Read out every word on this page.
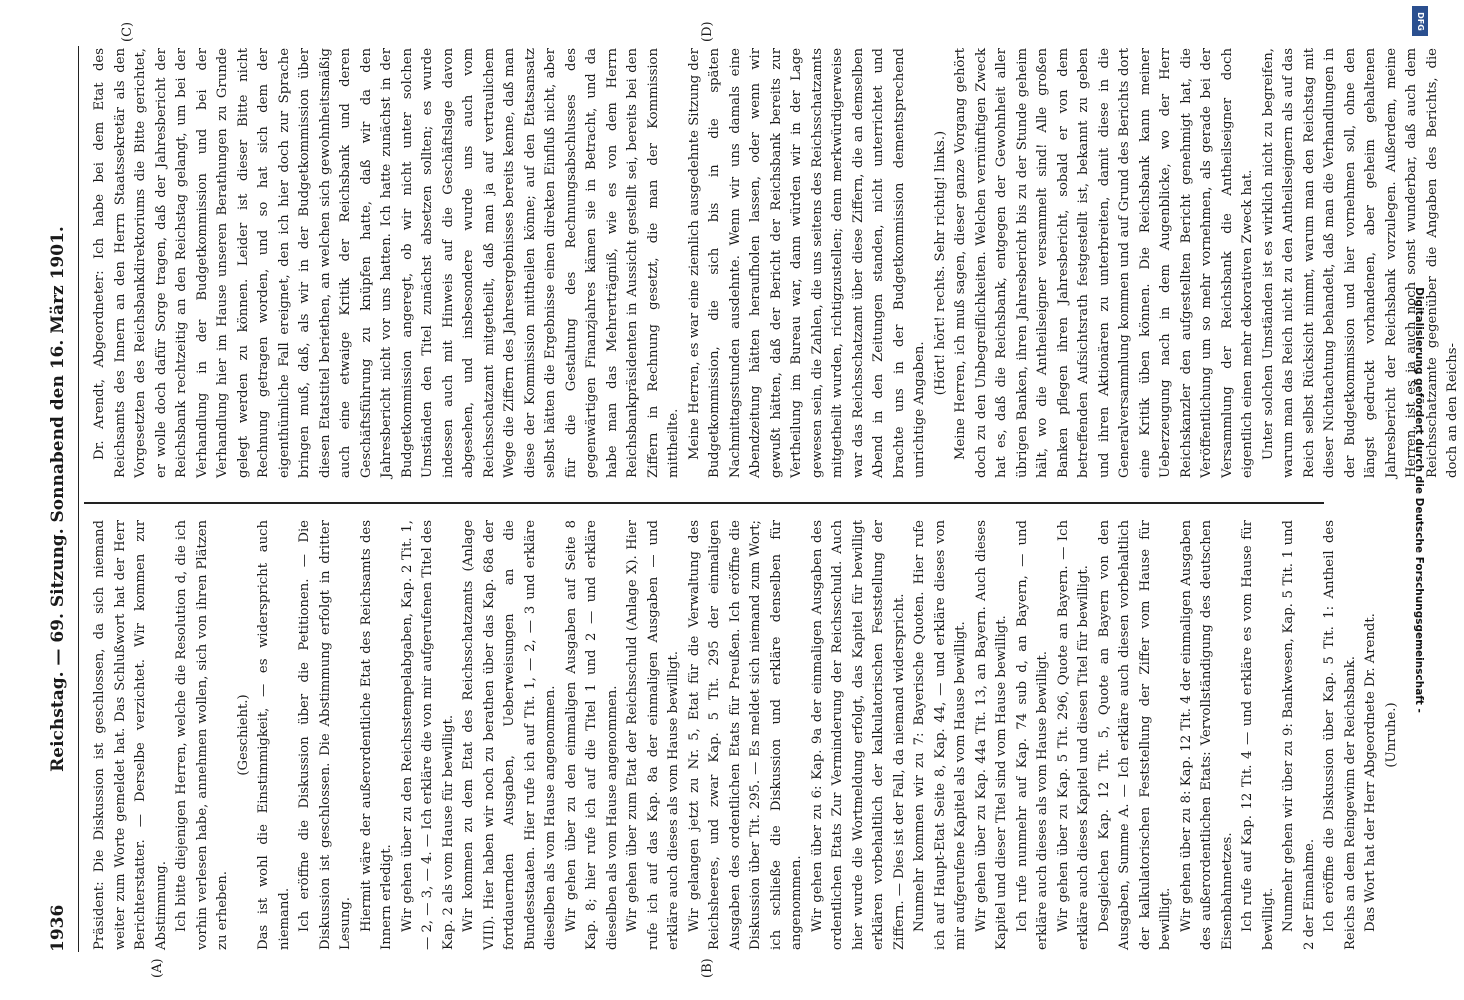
1936
Reichstag. — 69. Sitzung. Sonnabend den 16. März 1901.
(A)	(B)
(C)	(D)

Präsident: Die Diskussion ist geschlossen, da sich niemand weiter zum Worte gemeldet hat. Das Schlußwort hat der Herr Berichterstatter. — Derselbe verzichtet. Wir kommen zur Abstimmung. Ich bitte diejenigen Herren, welche die Resolution d, die ich vorhin verlesen habe, annehmen wollen, sich von ihren Plätzen zu erheben.

(Geschieht.) Das ist wohl die Einstimmigkeit, — es widerspricht auch niemand. Ich eröffne die Diskussion über die Petitionen. — Die Diskussion ist geschlossen. Die Abstimmung erfolgt in dritter Lesung. Hiermit wäre der außerordentliche Etat des Reichsamts des Innern erledigt. Wir gehen über zu den Reichsstempelabgaben, Kap. 2 Tit. 1, — 2, — 3, — 4. — Ich erkläre die von mir aufgerufenen Titel des Kap. 2 als vom Hause für bewilligt. Wir kommen zu dem Etat des Reichsschatzamts (Anlage VIII). Hier haben wir noch zu berathen über das Kap. 68a der fortdauernden Ausgaben, Ueberweisungen an die Bundesstaaten. Hier rufe ich auf Tit. 1, — 2, — 3 und erkläre dieselben als vom Hause angenommen. Wir gehen über zu den einmaligen Ausgaben auf Seite 8 Kap. 8; hier rufe ich auf die Titel 1 und 2 — und erkläre dieselben als vom Hause angenommen. Wir gehen über zum Etat der Reichsschuld (Anlage X). Hier rufe ich auf das Kap. 8a der einmaligen Ausgaben — und erkläre auch dieses als vom Hause bewilligt. Wir gelangen jetzt zu Nr. 5, Etat für die Verwaltung des Reichsheeres, und zwar Kap. 5 Tit. 295 der einmaligen Ausgaben des ordentlichen Etats für Preußen. Ich eröffne die Diskussion über Tit. 295. — Es meldet sich niemand zum Wort; ich schließe die Diskussion und erkläre denselben für angenommen. Wir gehen über zu 6: Kap. 9a der einmaligen Ausgaben des ordentlichen Etats Zur Verminderung der Reichsschuld. Auch hier wurde die Wortmeldung erfolgt, das Kapitel für bewilligt erklären vorbehaltlich der kalkulatorischen Feststellung der Ziffern. — Dies ist der Fall, da niemand widerspricht. Nunmehr kommen wir zu 7: Bayerische Quoten. Hier rufe ich auf Haupt-Etat Seite 8, Kap. 44, — und erkläre dieses von mir aufgerufene Kapitel als vom Hause bewilligt. Wir gehen über zu Kap. 44a Tit. 13, an Bayern. Auch dieses Kapitel und dieser Titel sind vom Hause bewilligt. Ich rufe nunmehr auf Kap. 74 sub d, an Bayern, — und erkläre auch dieses als vom Hause bewilligt. Wir gehen über zu Kap. 5 Tit. 296, Quote an Bayern. — Ich erkläre auch dieses Kapitel und diesen Titel für bewilligt. Desgleichen Kap. 12 Tit. 5, Quote an Bayern von den Ausgaben, Summe A. — Ich erkläre auch diesen vorbehaltlich der kalkulatorischen Feststellung der Ziffer vom Hause für bewilligt. Wir gehen über zu 8: Kap. 12 Tit. 4 der einmaligen Ausgaben des außerordentlichen Etats: Vervollständigung des deutschen Eisenbahnnetzes. Ich rufe auf Kap. 12 Tit. 4 — und erkläre es vom Hause für bewilligt. Nunmehr gehen wir über zu 9: Bankwesen, Kap. 5 Tit. 1 und 2 der Einnahme. Ich eröffne die Diskussion über Kap. 5 Tit. 1: Antheil des Reichs an dem Reingewinn der Reichsbank. Das Wort hat der Herr Abgeordnete Dr. Arendt. (Unruhe.)

Dr. Arendt, Abgeordneter: Ich habe bei dem Etat des Reichsamts des Innern an den Herrn Staatssekretär als den Vorgesetzten des Reichsbankdirektoriums die Bitte gerichtet, er wolle doch dafür Sorge tragen, daß der Jahresbericht der Reichsbank rechtzeitig an den Reichstag gelangt, um bei der Verhandlung in der Budgetkommission und bei der Verhandlung hier im Hause unseren Berathungen zu Grunde gelegt werden zu können. Leider ist dieser Bitte nicht Rechnung getragen worden, und so hat sich dem der eigenthümliche Fall ereignet, den ich hier doch zur Sprache bringen muß, daß, als wir in der Budgetkommission über diesen Etatstitel beriethen, an welchen sich gewohnheitsmäßig auch eine etwaige Kritik der Reichsbank und deren Geschäftsführung zu knüpfen hatte, daß wir da den Jahresbericht nicht vor uns hatten. Ich hatte zunächst in der Budgetkommission angeregt, ob wir nicht unter solchen Umständen den Titel zunächst absetzen sollten; es wurde indessen auch mit Hinweis auf die Geschäftslage davon abgesehen, und insbesondere wurde uns auch vom Reichsschatzamt mitgetheilt, daß man ja auf vertraulichem Wege die Ziffern des Jahresergebnisses bereits kenne, daß man diese der Kommission mittheilen könne; auf den Etatsansatz selbst hätten die Ergebnisse einen direkten Einfluß nicht, aber für die Gestaltung des Rechnungsabschlusses des gegenwärtigen Finanzjahres kämen sie in Betracht, und da habe man das Mehrerträgniß, wie es von dem Herrn Reichsbankpräsidenten in Aussicht gestellt sei, bereits bei den Ziffern in Rechnung gesetzt, die man der Kommission mittheilte. Meine Herren, es war eine ziemlich ausgedehnte Sitzung der Budgetkommission, die sich bis in die späten Nachmittagsstunden ausdehnte. Wenn wir uns damals eine Abendzeitung hätten heraufholen lassen, oder wenn wir gewußt hätten, daß der Bericht der Reichsbank bereits zur Vertheilung im Bureau war, dann würden wir in der Lage gewesen sein, die Zahlen, die uns seitens des Reichsschatzamts mitgetheilt wurden, richtigzustellen; denn merkwürdigerweise war das Reichsschatzamt über diese Ziffern, die an demselben Abend in den Zeitungen standen, nicht unterrichtet und brachte uns in der Budgetkommission dementsprechend unrichtige Angaben.

(Hört! hört! rechts. Sehr richtig! links.) Meine Herren, ich muß sagen, dieser ganze Vorgang gehört doch zu den Unbegreiflichkeiten. Welchen vernünftigen Zweck hat es, daß die Reichsbank, entgegen der Gewohnheit aller übrigen Banken, ihren Jahresbericht bis zu der Stunde geheim hält, wo die Antheilseigner versammelt sind! Alle großen Banken pflegen ihren Jahresbericht, sobald er von dem betreffenden Aufsichtsrath festgestellt ist, bekannt zu geben und ihren Aktionären zu unterbreiten, damit diese in die Generalversammlung kommen und auf Grund des Berichts dort eine Kritik üben können. Die Reichsbank kann meiner Ueberzeugung nach in dem Augenblicke, wo der Herr Reichskanzler den aufgestellten Bericht genehmigt hat, die Veröffentlichung um so mehr vornehmen, als gerade bei der Versammlung der Reichsbank die Antheilseigner doch eigentlich einen mehr dekorativen Zweck hat. Unter solchen Umständen ist es wirklich nicht zu begreifen, warum man das Reich nicht zu den Antheilseignern als auf das Reich selbst Rücksicht nimmt, warum man den Reichstag mit dieser Nichtachtung behandelt, daß man die Verhandlungen in der Budgetkommission und hier vornehmen soll, ohne den längst gedruckt vorhandenen, aber geheim gehaltenen Jahresbericht der Reichsbank vorzulegen. Außerdem, meine Herren, ist es ja auch noch sonst wunderbar, daß auch dem Reichsschatzamte gegenüber die Angaben des Berichts, die doch an den Reichs-

Digitalisierung gefördert durch die Deutsche Forschungsgemeinschaft -
DFG
